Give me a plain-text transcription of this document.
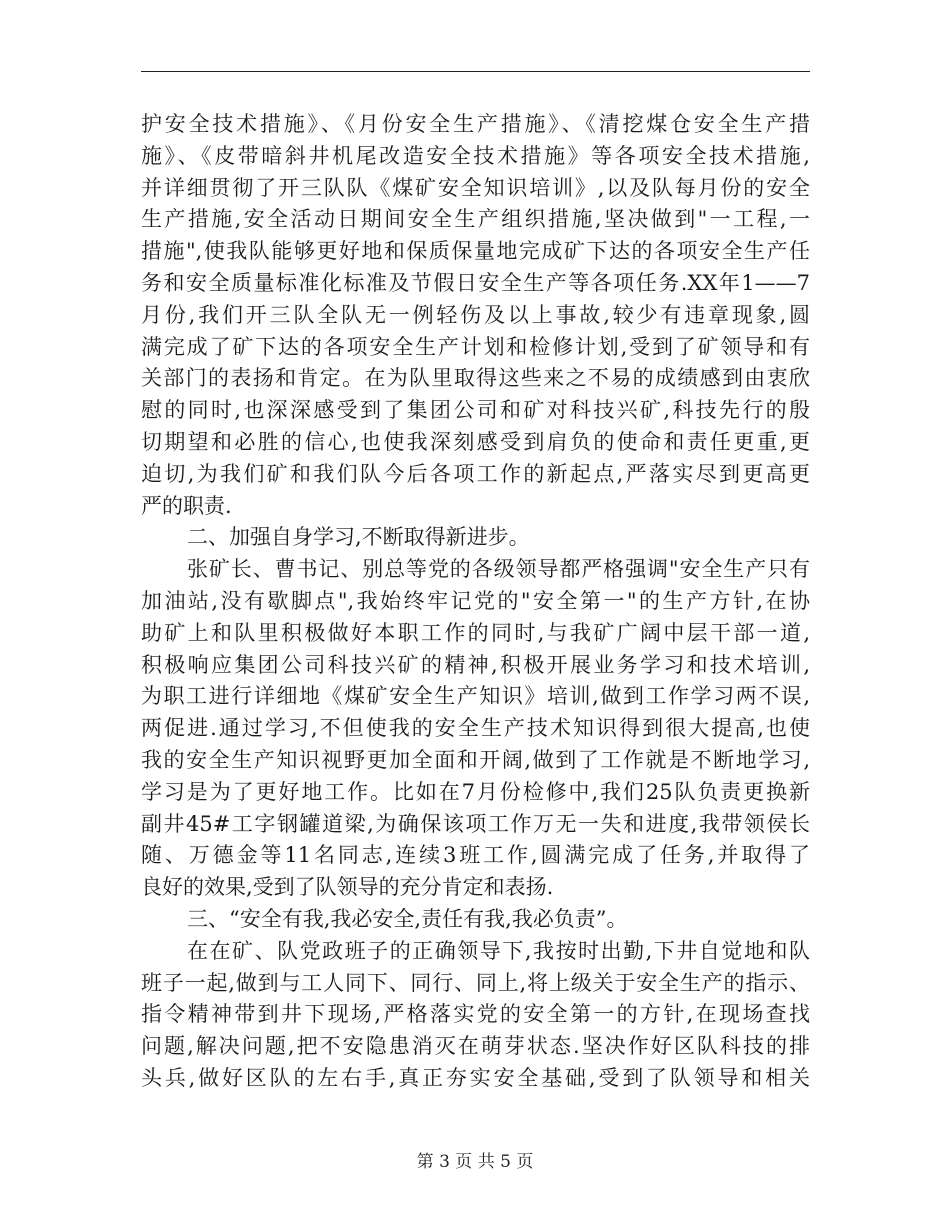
护安全技术措施》、《月份安全生产措施》、《清挖煤仓安全生产措
施》、《皮带暗斜井机尾改造安全技术措施》等各项安全技术措施,
并详细贯彻了开三队队《煤矿安全知识培训》,以及队每月份的安全
生产措施,安全活动日期间安全生产组织措施,坚决做到"一工程,一
措施",使我队能够更好地和保质保量地完成矿下达的各项安全生产任
务和安全质量标准化标准及节假日安全生产等各项任务.XX年1——7
月份,我们开三队全队无一例轻伤及以上事故,较少有违章现象,圆
满完成了矿下达的各项安全生产计划和检修计划,受到了矿领导和有
关部门的表扬和肯定。在为队里取得这些来之不易的成绩感到由衷欣
慰的同时,也深深感受到了集团公司和矿对科技兴矿,科技先行的殷
切期望和必胜的信心,也使我深刻感受到肩负的使命和责任更重,更
迫切,为我们矿和我们队今后各项工作的新起点,严落实尽到更高更
严的职责.
二、加强自身学习,不断取得新进步。
张矿长、曹书记、别总等党的各级领导都严格强调"安全生产只有
加油站,没有歇脚点",我始终牢记党的"安全第一"的生产方针,在协
助矿上和队里积极做好本职工作的同时,与我矿广阔中层干部一道,
积极响应集团公司科技兴矿的精神,积极开展业务学习和技术培训,
为职工进行详细地《煤矿安全生产知识》培训,做到工作学习两不误,
两促进.通过学习,不但使我的安全生产技术知识得到很大提高,也使
我的安全生产知识视野更加全面和开阔,做到了工作就是不断地学习,
学习是为了更好地工作。比如在7月份检修中,我们25队负责更换新
副井45#工字钢罐道梁,为确保该项工作万无一失和进度,我带领侯长
随、万德金等11名同志,连续3班工作,圆满完成了任务,并取得了
良好的效果,受到了队领导的充分肯定和表扬.
三、“安全有我,我必安全,责任有我,我必负责”。
在在矿、队党政班子的正确领导下,我按时出勤,下井自觉地和队
班子一起,做到与工人同下、同行、同上,将上级关于安全生产的指示、
指令精神带到井下现场,严格落实党的安全第一的方针,在现场查找
问题,解决问题,把不安隐患消灭在萌芽状态.坚决作好区队科技的排
头兵,做好区队的左右手,真正夯实安全基础,受到了队领导和相关
第 3 页 共 5 页
